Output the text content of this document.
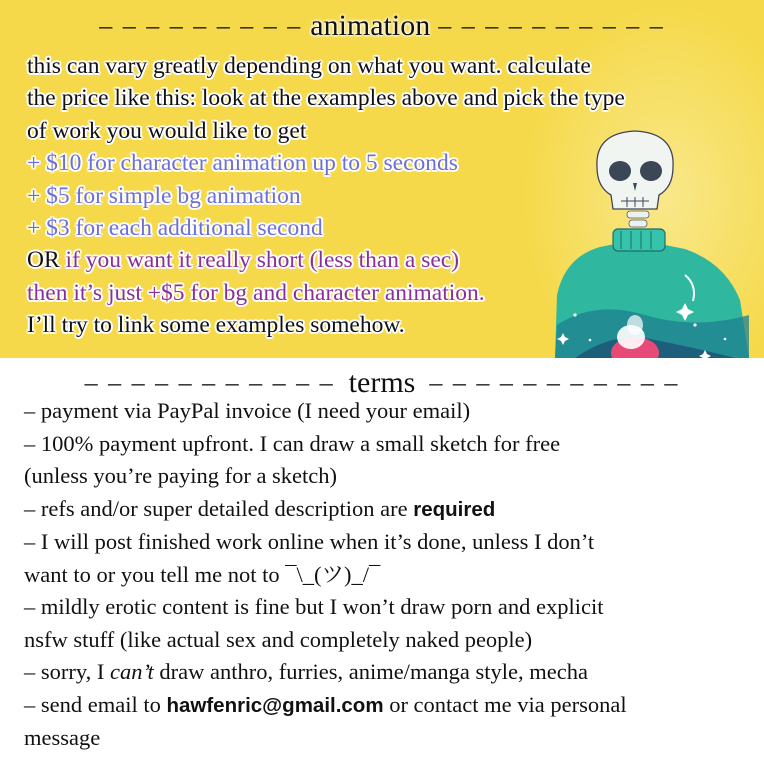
– – – – – – – – – animation – – – – – – – – – –
this can vary greatly depending on what you want. calculate
the price like this: look at the examples above and pick the type
of work you would like to get
+ $10 for character animation up to 5 seconds
+ $5 for simple bg animation
+ $3 for each additional second
OR if you want it really short (less than a sec)
then it’s just +$5 for bg and character animation.
I’ll try to link some examples somehow.
– – – – – – – – – – – terms – – – – – – – – – – –
– payment via PayPal invoice (I need your email)
– 100% payment upfront. I can draw a small sketch for free
(unless you’re paying for a sketch)
– refs and/or super detailed description are required
– I will post finished work online when it’s done, unless I don’t
want to or you tell me not to ¯\_(ツ)_/¯
– mildly erotic content is fine but I won’t draw porn and explicit
nsfw stuff (like actual sex and completely naked people)
– sorry, I can’t draw anthro, furries, anime/manga style, mecha
– send email to hawfenric@gmail.com or contact me via personal
message
